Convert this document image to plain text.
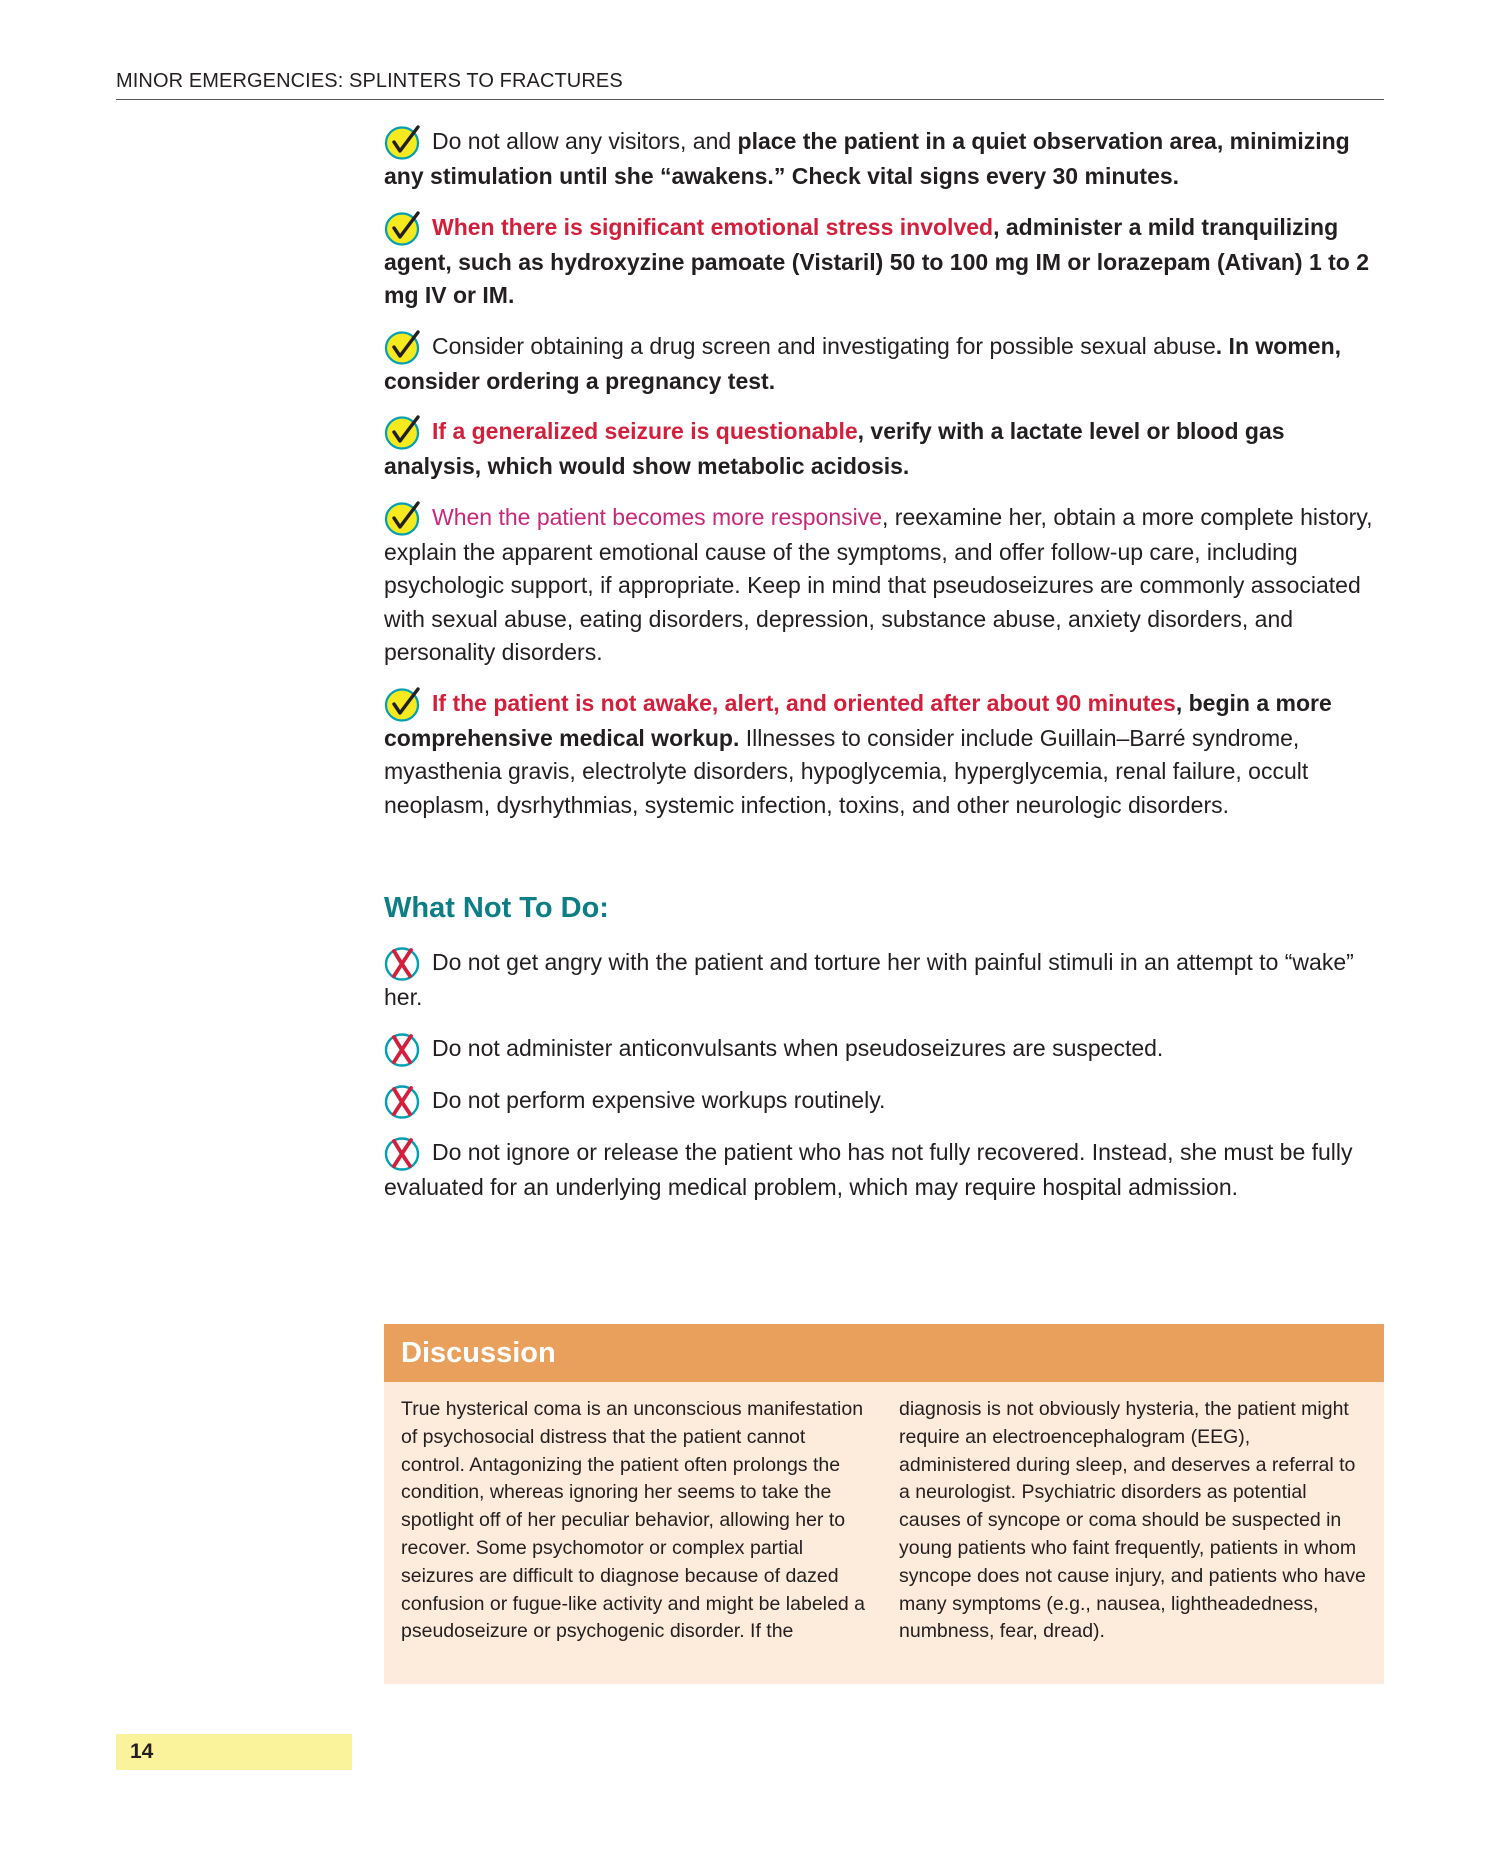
MINOR EMERGENCIES: SPLINTERS TO FRACTURES

Do not allow any visitors, and place the patient in a quiet observation area, minimizing any stimulation until she “awakens.” Check vital signs every 30 minutes.

When there is significant emotional stress involved, administer a mild tranquilizing agent, such as hydroxyzine pamoate (Vistaril) 50 to 100 mg IM or lorazepam (Ativan) 1 to 2 mg IV or IM.

Consider obtaining a drug screen and investigating for possible sexual abuse. In women, consider ordering a pregnancy test.

If a generalized seizure is questionable, verify with a lactate level or blood gas analysis, which would show metabolic acidosis.

When the patient becomes more responsive, reexamine her, obtain a more complete history, explain the apparent emotional cause of the symptoms, and offer follow-up care, including psychologic support, if appropriate. Keep in mind that pseudoseizures are commonly associated with sexual abuse, eating disorders, depression, substance abuse, anxiety disorders, and personality disorders.

If the patient is not awake, alert, and oriented after about 90 minutes, begin a more comprehensive medical workup. Illnesses to consider include Guillain–Barré syndrome, myasthenia gravis, electrolyte disorders, hypoglycemia, hyperglycemia, renal failure, occult neoplasm, dysrhythmias, systemic infection, toxins, and other neurologic disorders.

What Not To Do:

Do not get angry with the patient and torture her with painful stimuli in an attempt to “wake” her.

Do not administer anticonvulsants when pseudoseizures are suspected.

Do not perform expensive workups routinely.

Do not ignore or release the patient who has not fully recovered. Instead, she must be fully evaluated for an underlying medical problem, which may require hospital admission.

Discussion
True hysterical coma is an unconscious manifestation of psychosocial distress that the patient cannot control. Antagonizing the patient often prolongs the condition, whereas ignoring her seems to take the spotlight off of her peculiar behavior, allowing her to recover. Some psychomotor or complex partial seizures are difficult to diagnose because of dazed confusion or fugue-like activity and might be labeled a pseudoseizure or psychogenic disorder. If the
diagnosis is not obviously hysteria, the patient might require an electroencephalogram (EEG), administered during sleep, and deserves a referral to a neurologist. Psychiatric disorders as potential causes of syncope or coma should be suspected in young patients who faint frequently, patients in whom syncope does not cause injury, and patients who have many symptoms (e.g., nausea, lightheadedness, numbness, fear, dread).
14
